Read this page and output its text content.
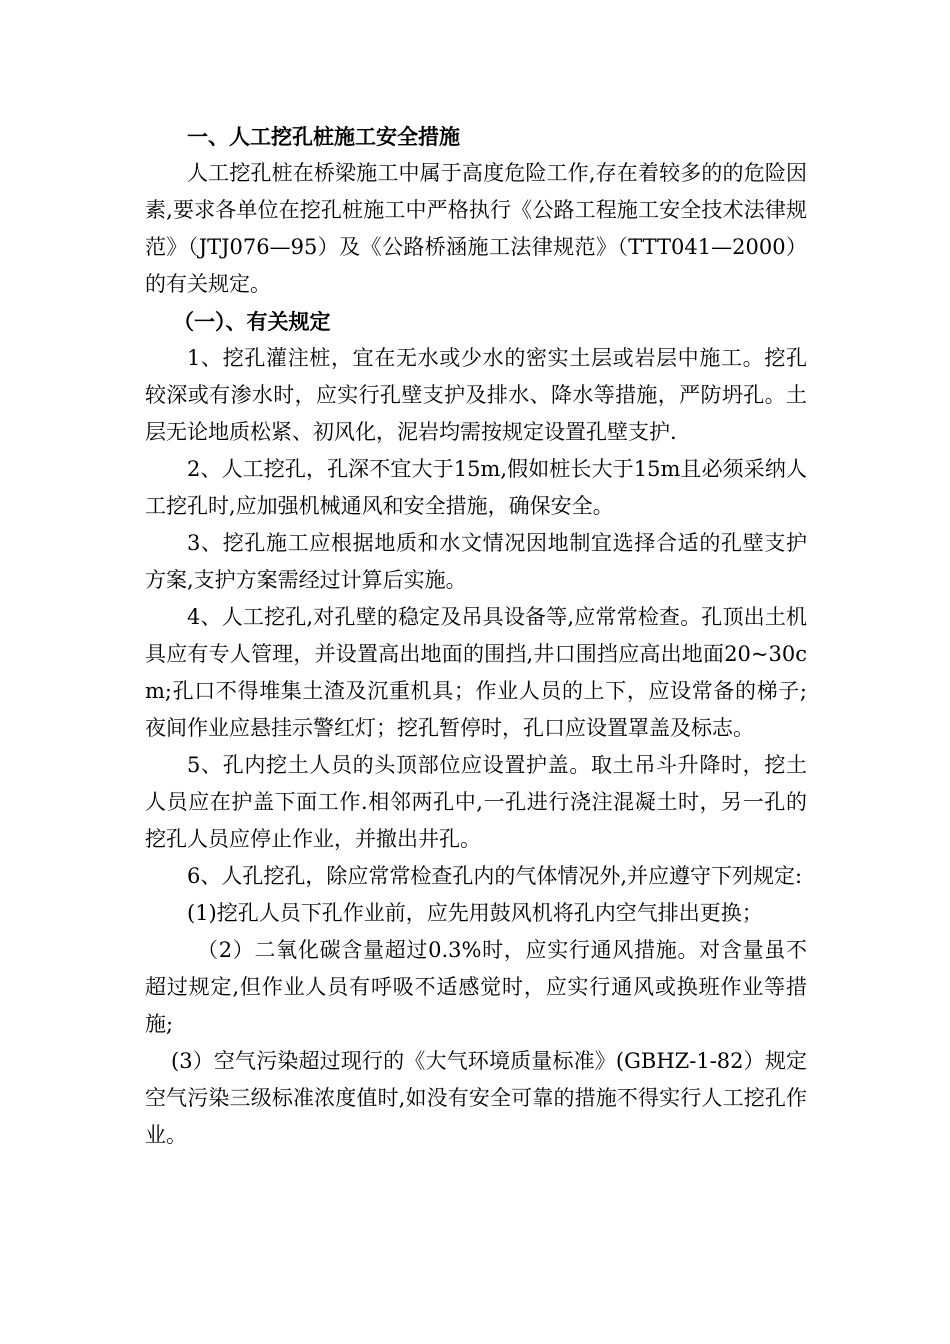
一、人工挖孔桩施工安全措施

人工挖孔桩在桥梁施工中属于高度危险工作,存在着较多的的危险因素,要求各单位在挖孔桩施工中严格执行《公路工程施工安全技术法律规范》（JTJ076—95）及《公路桥涵施工法律规范》（TTT041—2000）的有关规定。

（一）、有关规定

1、挖孔灌注桩，宜在无水或少水的密实土层或岩层中施工。挖孔较深或有渗水时，应实行孔壁支护及排水、降水等措施，严防坍孔。土层无论地质松紧、初风化，泥岩均需按规定设置孔壁支护.

2、人工挖孔，孔深不宜大于15m,假如桩长大于15m且必须采纳人工挖孔时,应加强机械通风和安全措施，确保安全。

3、挖孔施工应根据地质和水文情况因地制宜选择合适的孔壁支护方案,支护方案需经过计算后实施。

4、人工挖孔,对孔壁的稳定及吊具设备等,应常常检查。孔顶出土机具应有专人管理，并设置高出地面的围挡,井口围挡应高出地面20~30cm;孔口不得堆集土渣及沉重机具；作业人员的上下，应设常备的梯子;夜间作业应悬挂示警红灯；挖孔暂停时，孔口应设置罩盖及标志。

5、孔内挖土人员的头顶部位应设置护盖。取土吊斗升降时，挖土人员应在护盖下面工作.相邻两孔中,一孔进行浇注混凝土时，另一孔的挖孔人员应停止作业，并撤出井孔。

6、人孔挖孔，除应常常检查孔内的气体情况外,并应遵守下列规定:

(1)挖孔人员下孔作业前，应先用鼓风机将孔内空气排出更换；

（2）二氧化碳含量超过0.3%时，应实行通风措施。对含量虽不超过规定,但作业人员有呼吸不适感觉时，应实行通风或换班作业等措施;

(3）空气污染超过现行的《大气环境质量标准》(GBHZ-1-82）规定空气污染三级标准浓度值时,如没有安全可靠的措施不得实行人工挖孔作业。
